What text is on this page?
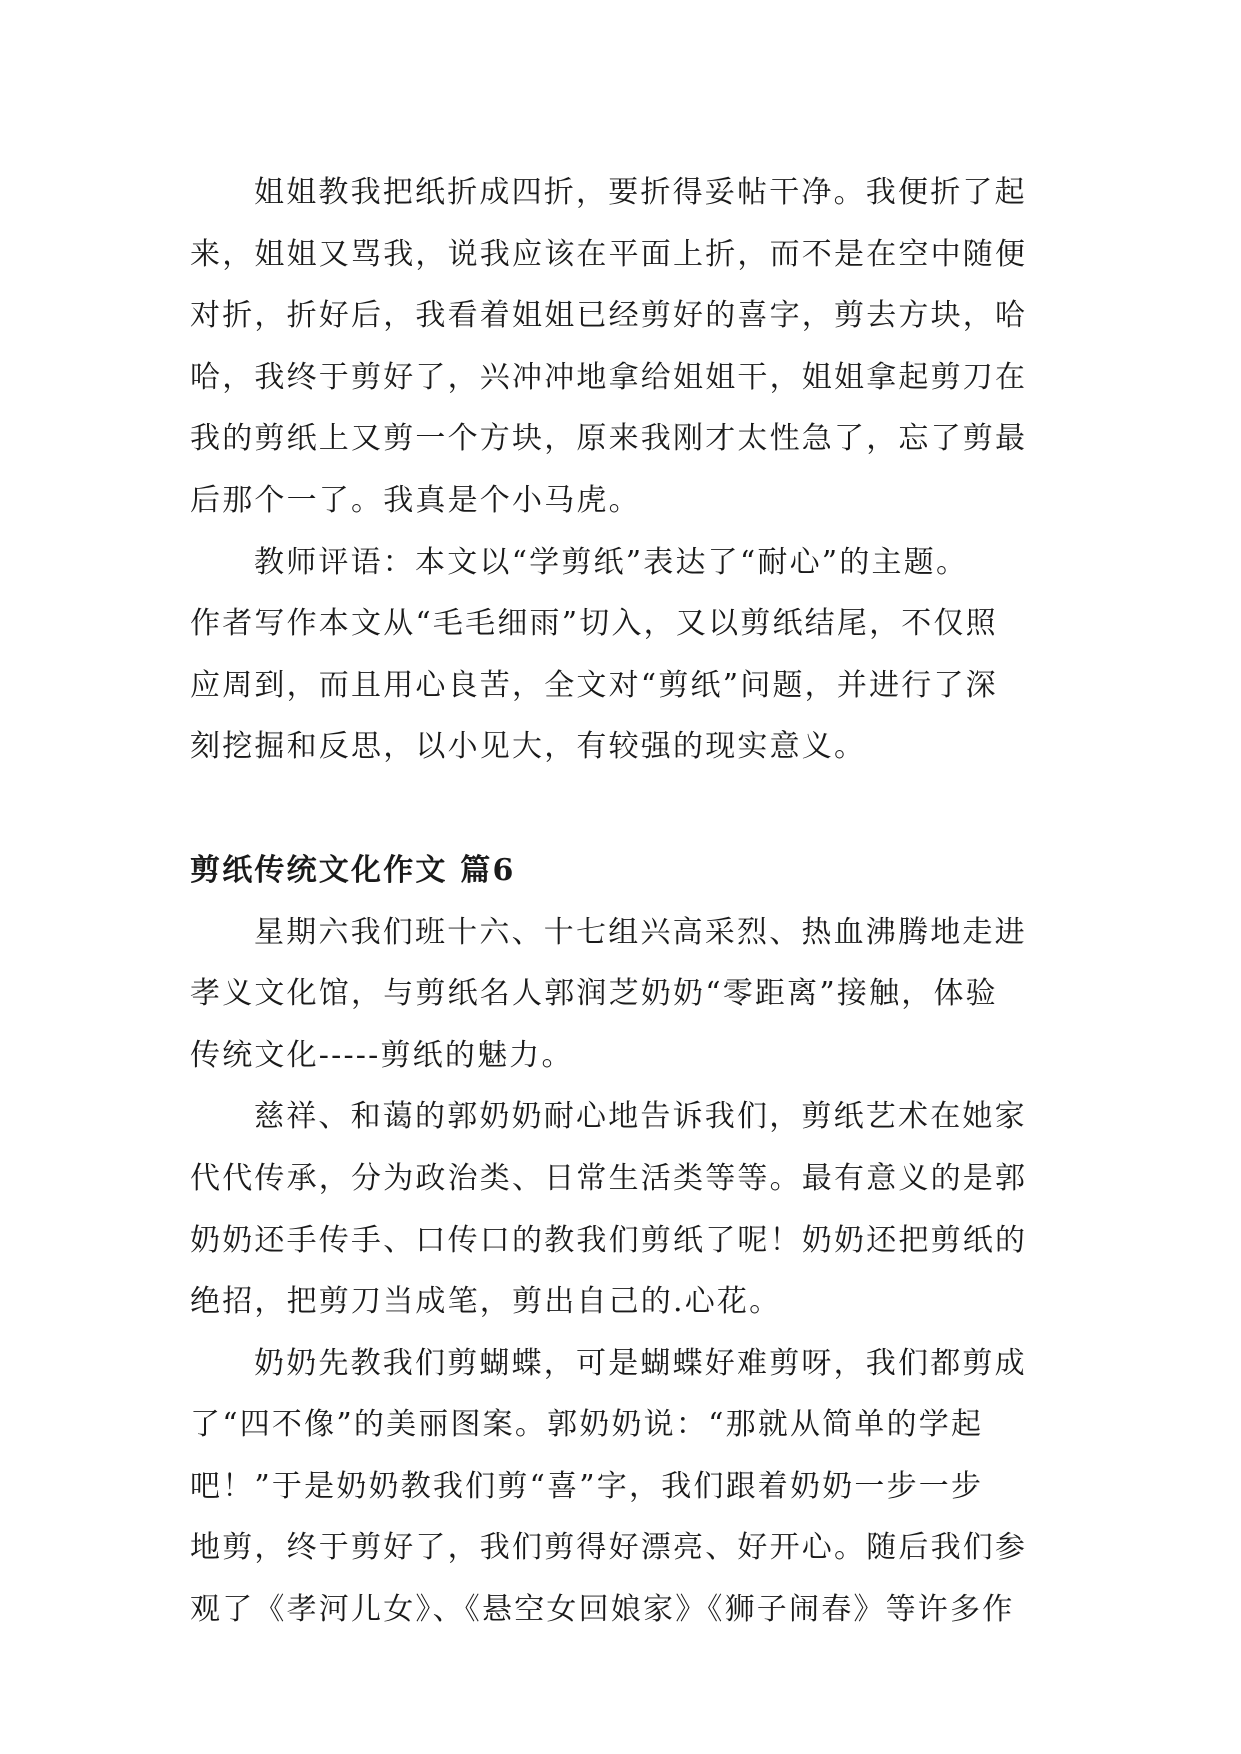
姐姐教我把纸折成四折，要折得妥帖干净。我便折了起
来，姐姐又骂我，说我应该在平面上折，而不是在空中随便
对折，折好后，我看着姐姐已经剪好的喜字，剪去方块，哈
哈，我终于剪好了，兴冲冲地拿给姐姐干，姐姐拿起剪刀在
我的剪纸上又剪一个方块，原来我刚才太性急了，忘了剪最
后那个一了。我真是个小马虎。

教师评语：本文以“学剪纸”表达了“耐心”的主题。
作者写作本文从“毛毛细雨”切入，又以剪纸结尾，不仅照
应周到，而且用心良苦，全文对“剪纸”问题，并进行了深
刻挖掘和反思，以小见大，有较强的现实意义。

剪纸传统文化作文 篇6

星期六我们班十六、十七组兴高采烈、热血沸腾地走进
孝义文化馆，与剪纸名人郭润芝奶奶“零距离”接触，体验
传统文化-----剪纸的魅力。

慈祥、和蔼的郭奶奶耐心地告诉我们，剪纸艺术在她家
代代传承，分为政治类、日常生活类等等。最有意义的是郭
奶奶还手传手、口传口的教我们剪纸了呢！奶奶还把剪纸的
绝招，把剪刀当成笔，剪出自己的.心花。

奶奶先教我们剪蝴蝶，可是蝴蝶好难剪呀，我们都剪成
了“四不像”的美丽图案。郭奶奶说：“那就从简单的学起
吧！”于是奶奶教我们剪“喜”字，我们跟着奶奶一步一步
地剪，终于剪好了，我们剪得好漂亮、好开心。随后我们参
观了《孝河儿女》、《悬空女回娘家》《狮子闹春》等许多作
